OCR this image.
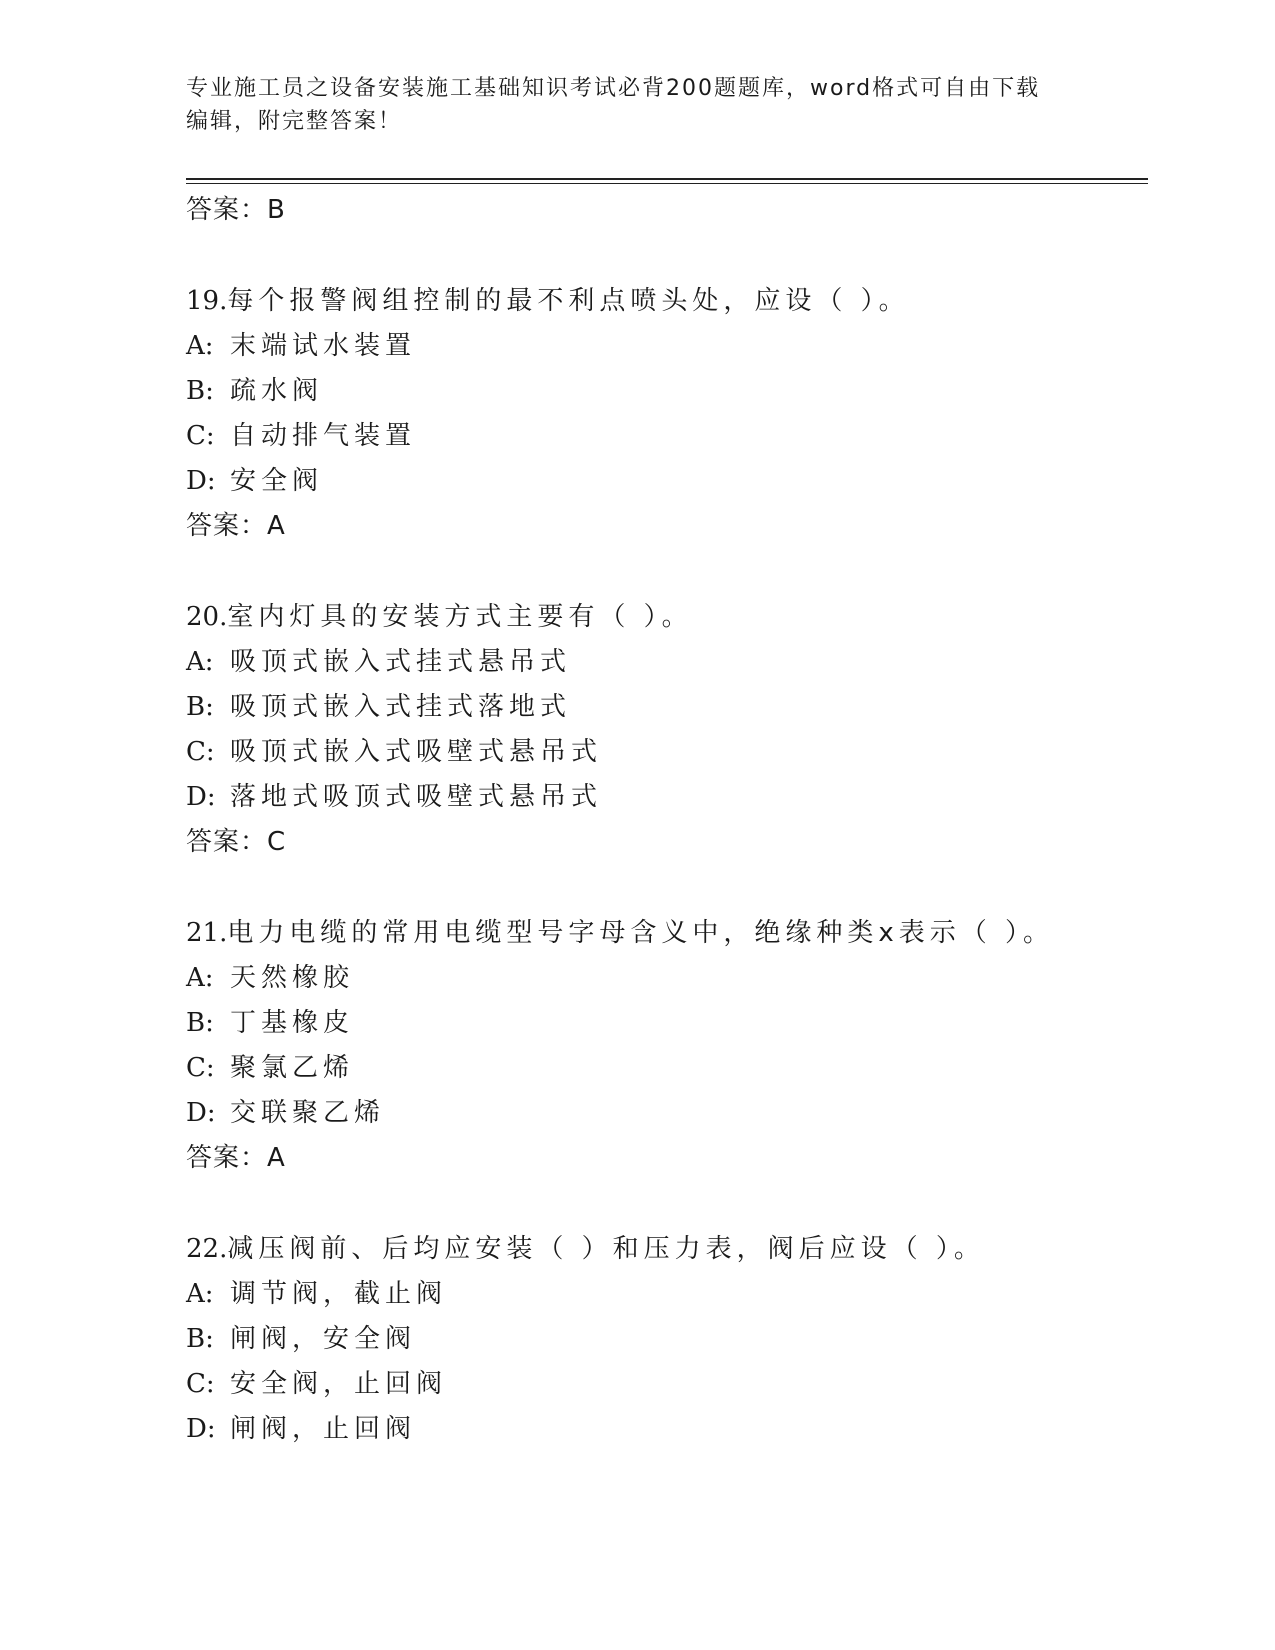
专业施工员之设备安装施工基础知识考试必背200题题库，word格式可自由下载
编辑，附完整答案！
答案：B
19.每个报警阀组控制的最不利点喷头处，应设（ ）。
A: 末端试水装置
B: 疏水阀
C: 自动排气装置
D: 安全阀
答案：A
20.室内灯具的安装方式主要有（ ）。
A: 吸顶式嵌入式挂式悬吊式
B: 吸顶式嵌入式挂式落地式
C: 吸顶式嵌入式吸壁式悬吊式
D: 落地式吸顶式吸壁式悬吊式
答案：C
21.电力电缆的常用电缆型号字母含义中，绝缘种类x表示（ ）。
A: 天然橡胶
B: 丁基橡皮
C: 聚氯乙烯
D: 交联聚乙烯
答案：A
22.减压阀前、后均应安装（ ）和压力表，阀后应设（ ）。
A: 调节阀，截止阀
B: 闸阀，安全阀
C: 安全阀，止回阀
D: 闸阀，止回阀
